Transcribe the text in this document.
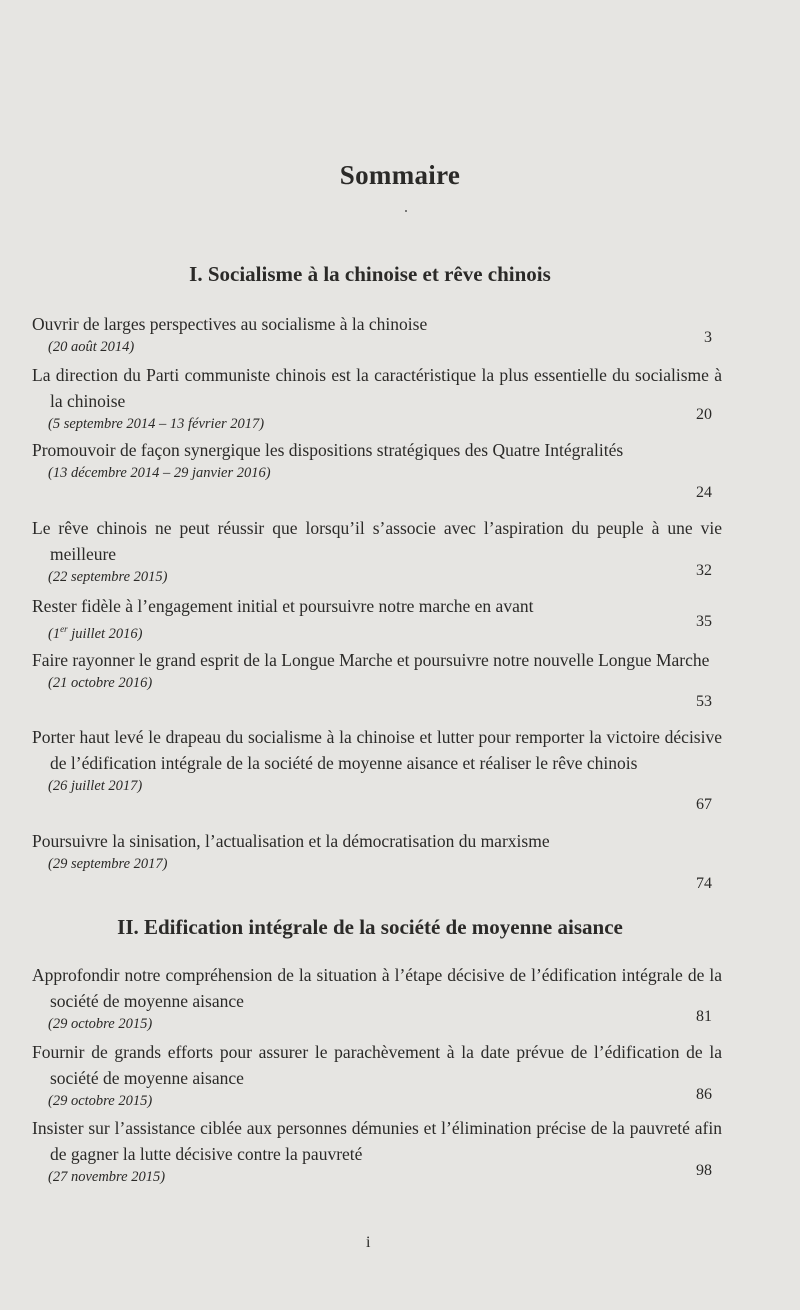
Sommaire
I. Socialisme à la chinoise et rêve chinois
Ouvrir de larges perspectives au socialisme à la chinoise
(20 août 2014)
3
La direction du Parti communiste chinois est la caractéristique la plus essentielle du socialisme à la chinoise
(5 septembre 2014 – 13 février 2017)
20
Promouvoir de façon synergique les dispositions stratégiques des Quatre Intégralités
(13 décembre 2014 – 29 janvier 2016)
24
Le rêve chinois ne peut réussir que lorsqu’il s’associe avec l’aspiration du peuple à une vie meilleure
(22 septembre 2015)	32
Rester fidèle à l’engagement initial et poursuivre notre marche en avant
(1er juillet 2016)
35
Faire rayonner le grand esprit de la Longue Marche et poursuivre notre nouvelle Longue Marche
(21 octobre 2016)
53
Porter haut levé le drapeau du socialisme à la chinoise et lutter pour remporter la victoire décisive de l’édification intégrale de la société de moyenne aisance et réaliser le rêve chinois
(26 juillet 2017)
67
Poursuivre la sinisation, l’actualisation et la démocratisation du marxisme
(29 septembre 2017)
74
II. Edification intégrale de la société de moyenne aisance
Approfondir notre compréhension de la situation à l’étape décisive de l’édification intégrale de la société de moyenne aisance
(29 octobre 2015)	81
Fournir de grands efforts pour assurer le parachèvement à la date prévue de l’édification de la société de moyenne aisance
(29 octobre 2015)	86
Insister sur l’assistance ciblée aux personnes démunies et l’élimination précise de la pauvreté afin de gagner la lutte décisive contre la pauvreté
(27 novembre 2015)	98
i
